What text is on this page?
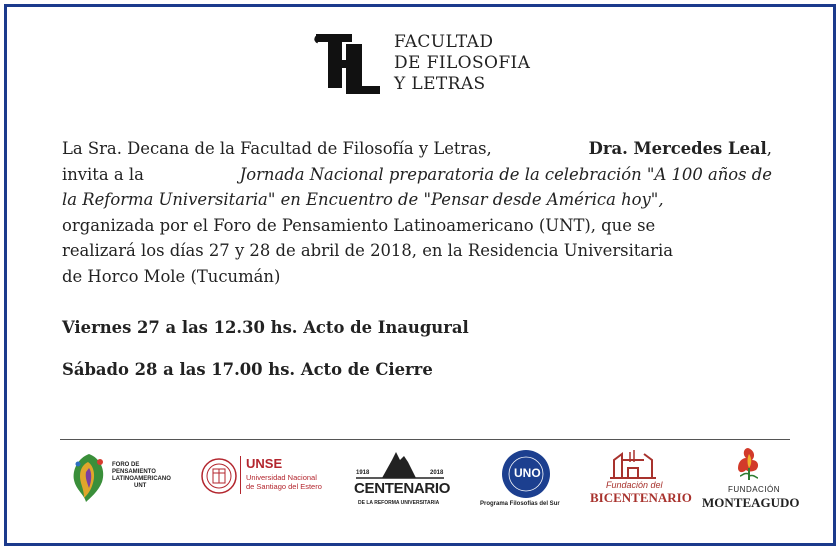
FACULTAD
DE FILOSOFIA
Y LETRAS
La Sra. Decana de la Facultad de Filosofía y Letras,	Dra. Mercedes Leal,
invita a la	Jornada Nacional preparatoria de la celebración "A 100 años de
la Reforma Universitaria" en Encuentro de "Pensar desde América hoy",
organizada por el Foro de Pensamiento Latinoamericano (UNT), que se
realizará los días 27 y 28 de abril de 2018, en la Residencia Universitaria
de Horco Mole (Tucumán)
Viernes 27 a las 12.30 hs. Acto de Inaugural
Sábado 28 a las 17.00 hs. Acto de Cierre
FORO DE
PENSAMIENTO
LATINOAMERICANO
UNT
UNSE
Universidad Nacional
de Santiago del Estero
1918	2018
CENTENARIO
DE LA REFORMA UNIVERSITARIA
UNO
Programa Filosofías del Sur
Fundación del
BICENTENARIO
FUNDACIÓN
MONTEAGUDO
